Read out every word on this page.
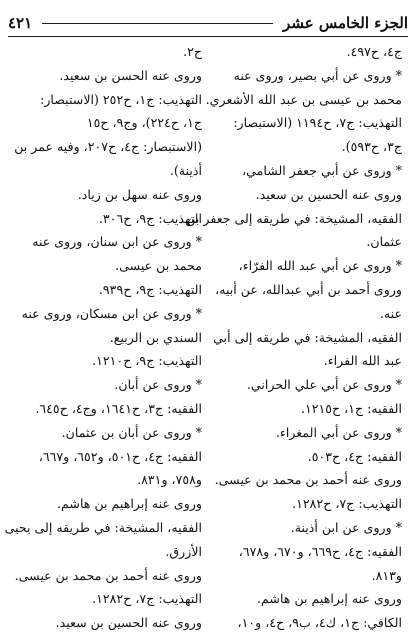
٤٢١	الجزء الخامس عشر
ج٤، ح٤٩٧.
* وروى عن أبي بصير، وروى عنه
محمد بن عيسى بن عبد الله الأشعري.
التهذيب: ج٧، ح١١٩٤ (الاستبصار:
ج٣، ح٥٩٣).
* وروى عن أبي جعفر الشامي،
وروى عنه الحسين بن سعيد.
الفقيه، المشيخة: في طريقه إلى جعفر بن
عثمان.
* وروى عن أبي عبد الله الفرّاء،
وروى أحمد بن أبي عبدالله، عن أبيه،
عنه.
الفقيه، المشيخة: في طريقه إلى أبي
عبد الله الفراء.
* وروى عن أبي علي الحراني.
الفقيه: ج١، ح١٢١٥.
* وروى عن أبي المغراء.
الفقيه: ج٤، ح٥٠٣.
وروى عنه أحمد بن محمد بن عيسى.
التهذيب: ج٧، ح١٢٨٢.
* وروى عن ابن أذينة.
الفقيه: ج٤، ح٦٦٩، و٦٧٠، و٦٧٨،
و٨١٣.
وروى عنه إبراهيم بن هاشم.
الكافي: ج١، ك٤، ب٩، ح٤، و١٠،
ح٢.
وروى عنه الحسن بن سعيد.
التهذيب: ج١، ح٢٥٢ (الاستبصار:
ج١، ح٢٢٤)، وج٩، ح١٥
(الاستبصار: ج٤، ح٢٠٧، وفيه عمر بن
أذينة).
وروى عنه سهل بن زياد.
التهذيب: ج٩، ح٣٠٦.
* وروى عن ابن سنان، وروى عنه
محمد بن عيسى.
التهذيب: ج٩، ح٩٣٩.
* وروى عن ابن مسكان، وروى عنه
السندي بن الربيع.
التهذيب: ج٩، ح١٢١٠.
* وروى عن أبان.
الفقيه: ج٣، ح١٦٤١، وج٤، ح٦٤٥.
* وروى عن أبان بن عثمان.
الفقيه: ج٤، ح٥٠١، و٦٥٢، و٦٦٧،
و٧٥٨، و٨٣١.
وروى عنه إبراهيم بن هاشم.
الفقيه، المشيخة: في طريقه إلى يحيى
الأزرق.
وروى عنه أحمد بن محمد بن عيسى.
التهذيب: ج٧، ح١٢٨٢.
وروى عنه الحسين بن سعيد.
